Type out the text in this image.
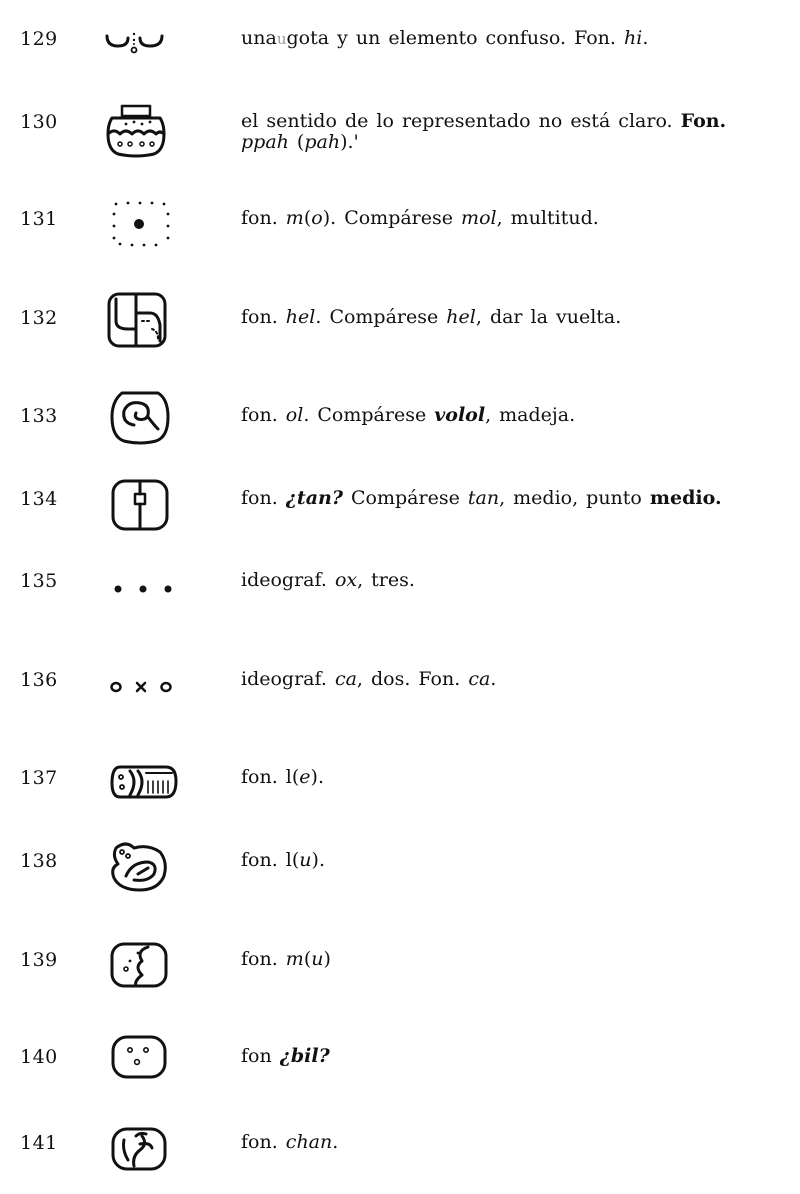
129	unaugota y un elemento confuso. Fon. hi.
130	el sentido de lo representado no está claro. Fon.
ppah (pah).'
131	fon. m(o). Compárese mol, multitud.
132	fon. hel. Compárese hel, dar la vuelta.
133	fon. ol. Compárese volol, madeja.
134	fon. ¿tan? Compárese tan, medio, punto medio.
135	ideograf. ox, tres.
136	ideograf. ca, dos. Fon. ca.
137	fon. l(e).
138	fon. l(u).
139	fon. m(u)
140	fon ¿bil?
141	fon. chan.
